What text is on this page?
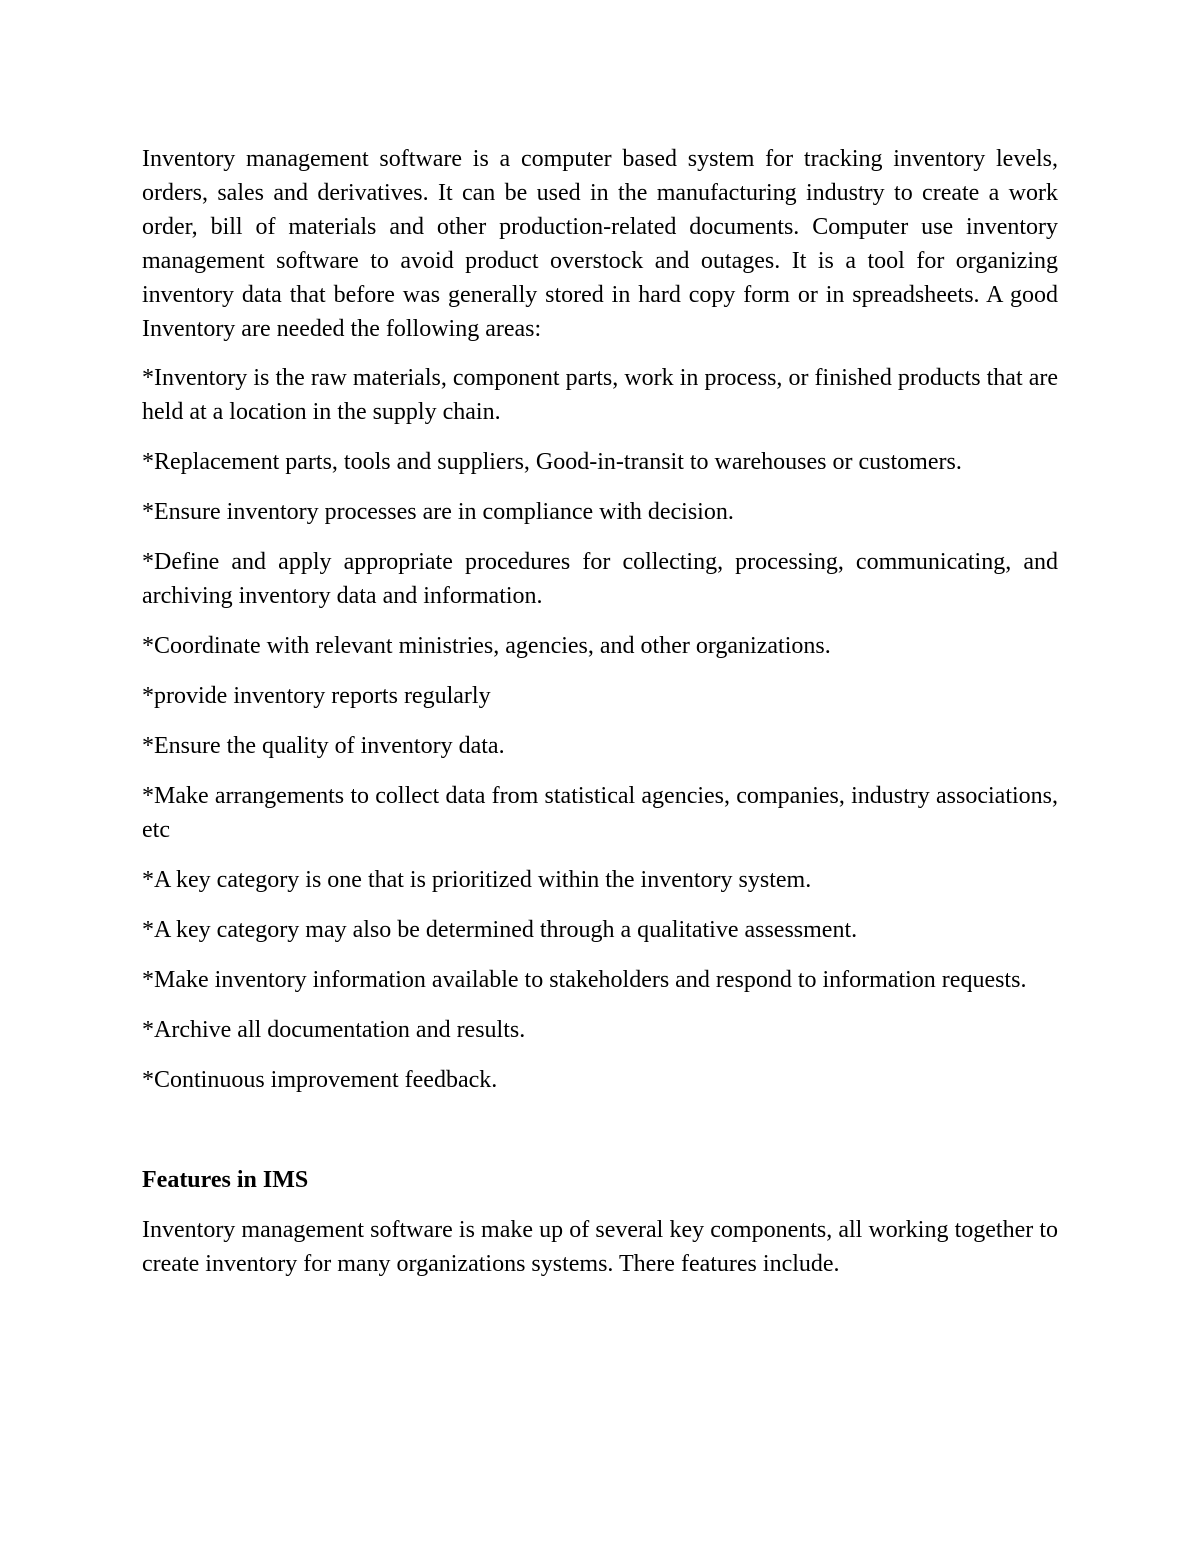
Inventory management software is a computer based system for tracking inventory levels, orders, sales and derivatives. It can be used in the manufacturing industry to create a work order, bill of materials and other production-related documents. Computer use inventory management software to avoid product overstock and outages. It is a tool for organizing inventory data that before was generally stored in hard copy form or in spreadsheets. A good Inventory are needed the following areas:

*Inventory is the raw materials, component parts, work in process, or finished products that are held at a location in the supply chain.

*Replacement parts, tools and suppliers, Good-in-transit to warehouses or customers.

*Ensure inventory processes are in compliance with decision.

*Define and apply appropriate procedures for collecting, processing, communicating, and archiving inventory data and information.

*Coordinate with relevant ministries, agencies, and other organizations.

*provide inventory reports regularly

*Ensure the quality of inventory data.

*Make arrangements to collect data from statistical agencies, companies, industry associations, etc

*A key category is one that is prioritized within the inventory system.

*A key category may also be determined through a qualitative assessment.

*Make inventory information available to stakeholders and respond to information requests.

*Archive all documentation and results.

*Continuous improvement feedback.

Features in IMS

Inventory management software is make up of several key components, all working together to create inventory for many organizations systems. There features include.
